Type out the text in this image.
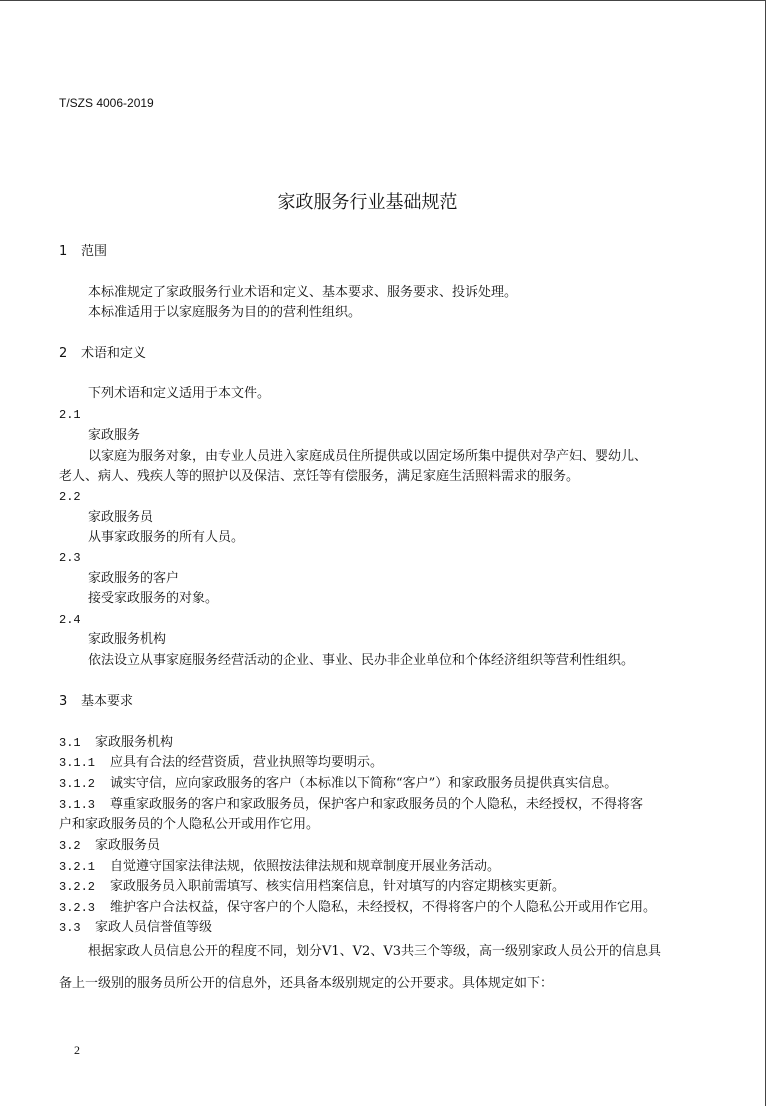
T/SZS 4006-2019
家政服务行业基础规范
1 范围
本标准规定了家政服务行业术语和定义、基本要求、服务要求、投诉处理。
本标准适用于以家庭服务为目的的营利性组织。
2 术语和定义
下列术语和定义适用于本文件。
2.1
家政服务
以家庭为服务对象，由专业人员进入家庭成员住所提供或以固定场所集中提供对孕产妇、婴幼儿、
老人、病人、残疾人等的照护以及保洁、烹饪等有偿服务，满足家庭生活照料需求的服务。
2.2
家政服务员
从事家政服务的所有人员。
2.3
家政服务的客户
接受家政服务的对象。
2.4
家政服务机构
依法设立从事家庭服务经营活动的企业、事业、民办非企业单位和个体经济组织等营利性组织。
3 基本要求
3.1 家政服务机构
3.1.1 应具有合法的经营资质，营业执照等均要明示。
3.1.2 诚实守信，应向家政服务的客户（本标准以下简称“客户”）和家政服务员提供真实信息。
3.1.3 尊重家政服务的客户和家政服务员，保护客户和家政服务员的个人隐私，未经授权，不得将客
户和家政服务员的个人隐私公开或用作它用。
3.2 家政服务员
3.2.1 自觉遵守国家法律法规，依照按法律法规和规章制度开展业务活动。
3.2.2 家政服务员入职前需填写、核实信用档案信息，针对填写的内容定期核实更新。
3.2.3 维护客户合法权益，保守客户的个人隐私，未经授权，不得将客户的个人隐私公开或用作它用。
3.3 家政人员信誉值等级
根据家政人员信息公开的程度不同，划分V1、V2、V3共三个等级，高一级别家政人员公开的信息具
备上一级别的服务员所公开的信息外，还具备本级别规定的公开要求。具体规定如下：
2
